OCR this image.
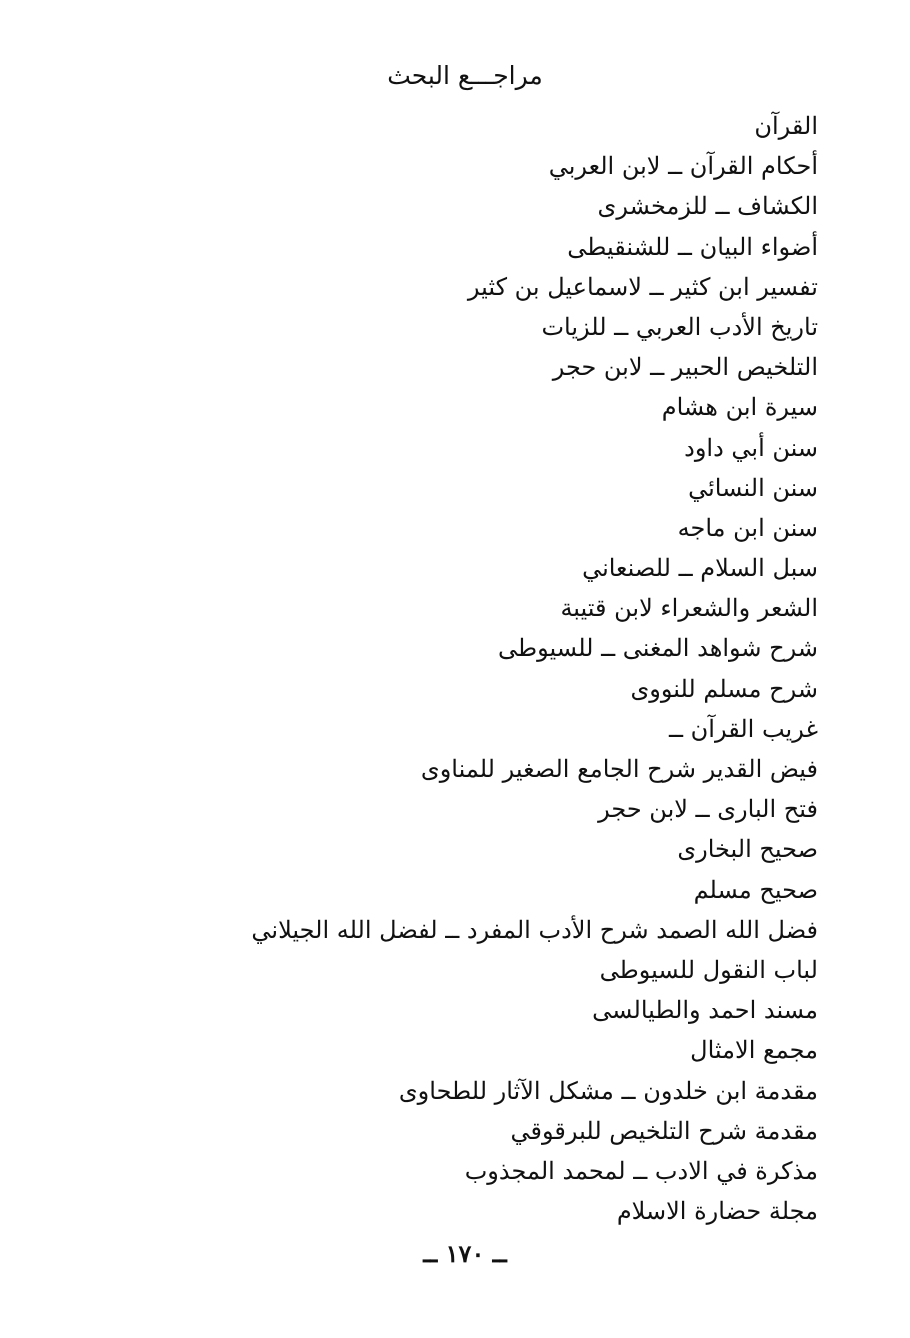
مراجـــع البحث
القرآن
أحكام القرآن ــ لابن العربي
الكشاف ــ للزمخشرى
أضواء البيان ــ للشنقيطى
تفسير ابن كثير ــ لاسماعيل بن كثير
تاريخ الأدب العربي ــ للزيات
التلخيص الحبير ــ لابن حجر
سيرة ابن هشام
سنن أبي داود
سنن النسائي
سنن ابن ماجه
سبل السلام ــ للصنعاني
الشعر والشعراء لابن قتيبة
شرح شواهد المغنى ــ للسيوطى
شرح مسلم للنووى
غريب القرآن ــ
فيض القدير شرح الجامع الصغير للمناوى
فتح البارى ــ لابن حجر
صحيح البخارى
صحيح مسلم
فضل الله الصمد شرح الأدب المفرد ــ لفضل الله الجيلاني
لباب النقول للسيوطى
مسند احمد والطيالسى
مجمع الامثال
مقدمة ابن خلدون ــ مشكل الآثار للطحاوى
مقدمة شرح التلخيص للبرقوقي
مذكرة في الادب ــ لمحمد المجذوب
مجلة حضارة الاسلام
ــ ١٧٠ ــ
